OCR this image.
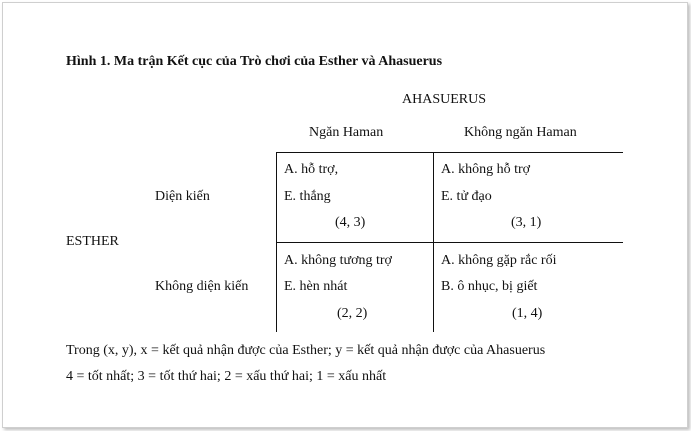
Hình 1. Ma trận Kết cục của Trò chơi của Esther và Ahasuerus
AHASUERUS
Ngăn Haman	Không ngăn Haman
Diện kiến
ESTHER
Không diện kiến
A. hỗ trợ,
E. thắng
(4, 3)
A. không hỗ trợ
E. tử đạo
(3, 1)
A. không tương trợ
E. hèn nhát
(2, 2)
A. không gặp rắc rối
B. ô nhục, bị giết
(1, 4)
Trong (x, y), x = kết quả nhận được của Esther; y = kết quả nhận được của Ahasuerus
4 = tốt nhất; 3 = tốt thứ hai; 2 = xấu thứ hai; 1 = xấu nhất
